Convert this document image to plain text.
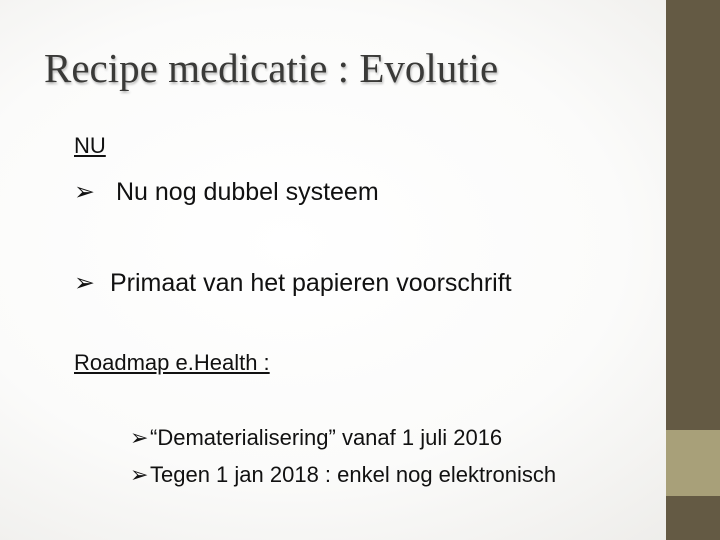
Recipe medicatie : Evolutie
NU
➢ Nu nog dubbel systeem
➢ Primaat van het papieren voorschrift
Roadmap e.Health :
➢ “Dematerialisering” vanaf 1 juli 2016
➢ Tegen 1 jan 2018 : enkel nog elektronisch
